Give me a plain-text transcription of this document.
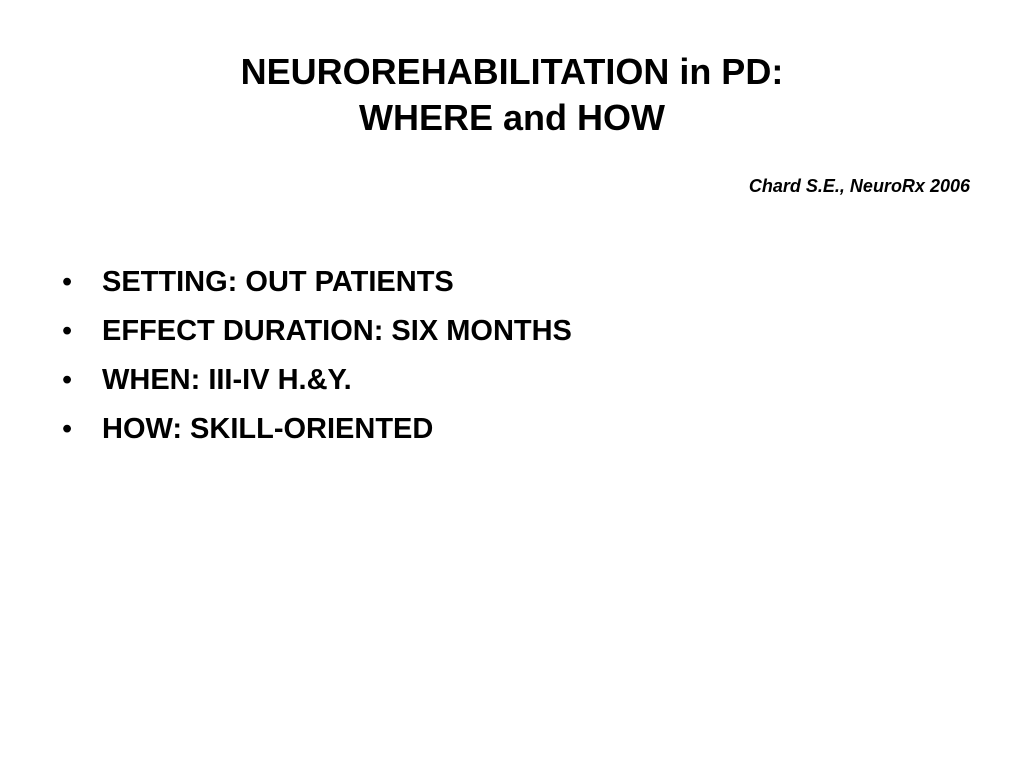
NEUROREHABILITATION in PD:
WHERE and HOW
Chard S.E., NeuroRx 2006
•	SETTING: OUT PATIENTS
•	EFFECT DURATION: SIX MONTHS
•	WHEN: III-IV H.&Y.
•	HOW: SKILL-ORIENTED
